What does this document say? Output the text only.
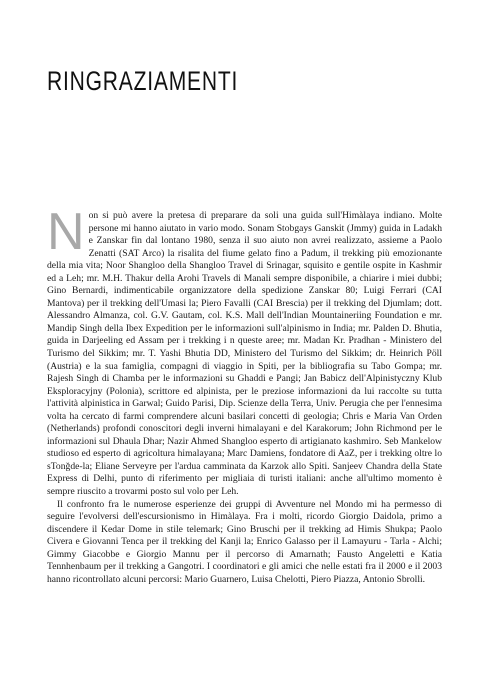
RINGRAZIAMENTI

Non si può avere la pretesa di preparare da soli una guida sull'Himàlaya indiano. Molte persone mi hanno aiutato in vario modo. Sonam Stobgays Ganskit (Jmmy) guida in Ladakh e Zanskar fin dal lontano 1980, senza il suo aiuto non avrei realizzato, assieme a Paolo Zenatti (SAT Arco) la risalita del fiume gelato fino a Padum, il trekking più emozionante della mia vita; Noor Shangloo della Shangloo Travel di Srinagar, squisito e gentile ospite in Kashmir ed a Leh; mr. M.H. Thakur della Arohi Travels di Manali sempre disponibile, a chiarire i miei dubbi; Gino Bernardi, indimenticabile organizzatore della spedizione Zanskar 80; Luigi Ferrari (CAI Mantova) per il trekking dell'Umasi la; Piero Favalli (CAI Brescia) per il trekking del Djumlam; dott. Alessandro Almanza, col. G.V. Gautam, col. K.S. Mall dell'Indian Mountaineriing Foundation e mr. Mandip Singh della Ibex Expedition per le informazioni sull'alpinismo in India; mr. Palden D. Bhutia, guida in Darjeeling ed Assam per i trekking i n queste aree; mr. Madan Kr. Pradhan - Ministero del Turismo del Sikkim; mr. T. Yashi Bhutia DD, Ministero del Turismo del Sikkim; dr. Heinrich Pöll (Austria) e la sua famiglia, compagni di viaggio in Spiti, per la bibliografia su Tabo Gompa; mr. Rajesh Singh di Chamba per le informazioni su Ghaddi e Pangi; Jan Babicz dell'Alpinistyczny Klub Eksploracyjny (Polonia), scrittore ed alpinista, per le preziose informazioni da lui raccolte su tutta l'attività alpinistica in Garwal; Guido Parisi, Dip. Scienze della Terra, Univ. Perugia che per l'ennesima volta ha cercato di farmi comprendere alcuni basilari concetti di geologia; Chris e Maria Van Orden (Netherlands) profondi conoscitori degli inverni himalayani e del Karakorum; John Richmond per le informazioni sul Dhaula Dhar; Nazir Ahmed Shangloo esperto di artigianato kashmiro. Seb Mankelow studioso ed esperto di agricoltura himalayana; Marc Damiens, fondatore di AaZ, per i trekking oltre lo sTonğde-la; Eliane Serveyre per l'ardua camminata da Karzok allo Spiti. Sanjeev Chandra della State Express di Delhi, punto di riferimento per migliaia di turisti italiani: anche all'ultimo momento è sempre riuscito a trovarmi posto sul volo per Leh.

Il confronto fra le numerose esperienze dei gruppi di Avventure nel Mondo mi ha permesso di seguire l'evolversi dell'escursionismo in Himàlaya. Fra i molti, ricordo Giorgio Daidola, primo a discendere il Kedar Dome in stile telemark; Gino Bruschi per il trekking ad Himis Shukpa; Paolo Civera e Giovanni Tenca per il trekking del Kanji la; Enrico Galasso per il Lamayuru - Tarla - Alchi; Gimmy Giacobbe e Giorgio Mannu per il percorso di Amarnath; Fausto Angeletti e Katia Tennhenbaum per il trekking a Gangotri. I coordinatori e gli amici che nelle estati fra il 2000 e il 2003 hanno ricontrollato alcuni percorsi: Mario Guarnero, Luisa Chelotti, Piero Piazza, Antonio Sbrolli.
